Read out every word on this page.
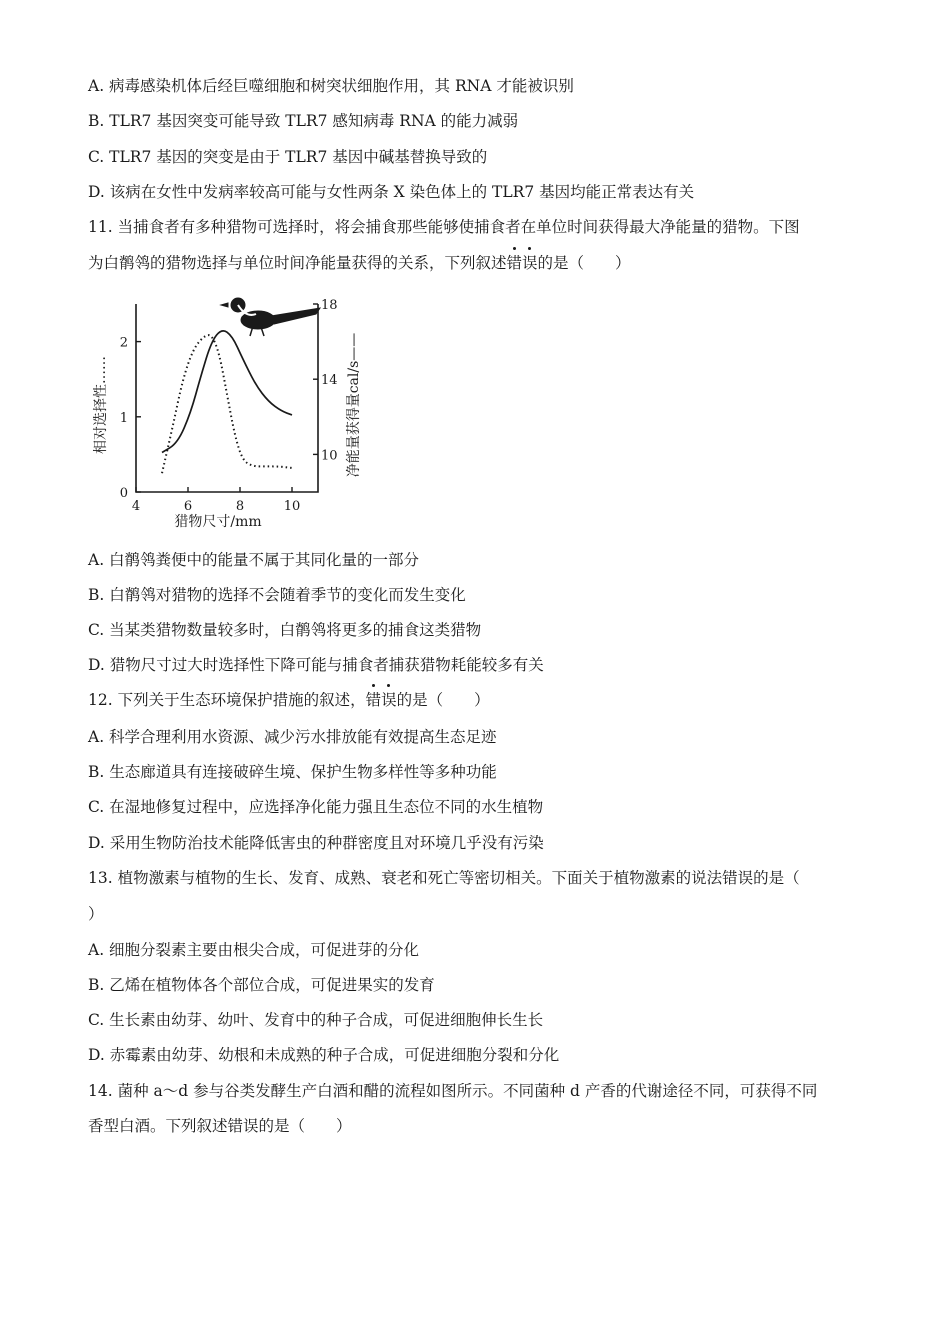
A. 病毒感染机体后经巨噬细胞和树突状细胞作用，其 RNA 才能被识别
B. TLR7 基因突变可能导致 TLR7 感知病毒 RNA 的能力减弱
C. TLR7 基因的突变是由于 TLR7 基因中碱基替换导致的
D. 该病在女性中发病率较高可能与女性两条 X 染色体上的 TLR7 基因均能正常表达有关
11. 当捕食者有多种猎物可选择时，将会捕食那些能够使捕食者在单位时间获得最大净能量的猎物。下图
为白鹡鸰的猎物选择与单位时间净能量获得的关系，下列叙述错误的是（　　）
4	6	8	10
0
1
2
10
14
18
猎物尺寸/mm
相对选择性……	净能量获得量cal/s——
A. 白鹡鸰粪便中的能量不属于其同化量的一部分
B. 白鹡鸰对猎物的选择不会随着季节的变化而发生变化
C. 当某类猎物数量较多时，白鹡鸰将更多的捕食这类猎物
D. 猎物尺寸过大时选择性下降可能与捕食者捕获猎物耗能较多有关
12. 下列关于生态环境保护措施的叙述，错误的是（　　）
A. 科学合理利用水资源、减少污水排放能有效提高生态足迹
B. 生态廊道具有连接破碎生境、保护生物多样性等多种功能
C. 在湿地修复过程中，应选择净化能力强且生态位不同的水生植物
D. 采用生物防治技术能降低害虫的种群密度且对环境几乎没有污染
13. 植物激素与植物的生长、发育、成熟、衰老和死亡等密切相关。下面关于植物激素的说法错误的是（
）
A. 细胞分裂素主要由根尖合成，可促进芽的分化
B. 乙烯在植物体各个部位合成，可促进果实的发育
C. 生长素由幼芽、幼叶、发育中的种子合成，可促进细胞伸长生长
D. 赤霉素由幼芽、幼根和未成熟的种子合成，可促进细胞分裂和分化
14. 菌种 a～d 参与谷类发酵生产白酒和醋的流程如图所示。不同菌种 d 产香的代谢途径不同，可获得不同
香型白酒。下列叙述错误的是（　　）
